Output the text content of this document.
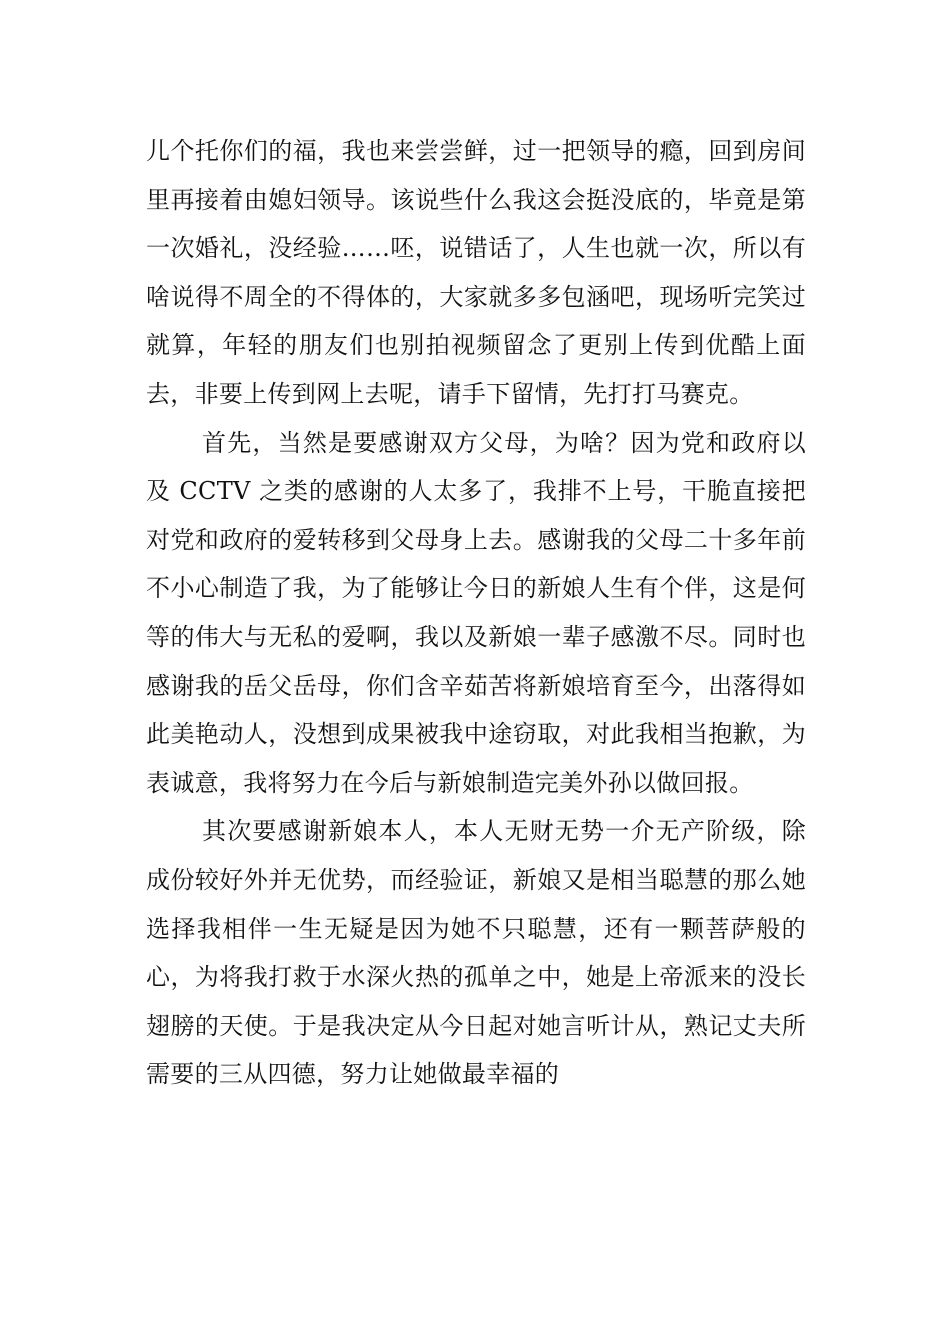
儿个托你们的福，我也来尝尝鲜，过一把领导的瘾，回到房间里再接着由媳妇领导。该说些什么我这会挺没底的，毕竟是第一次婚礼，没经验……呸，说错话了，人生也就一次，所以有啥说得不周全的不得体的，大家就多多包涵吧，现场听完笑过就算，年轻的朋友们也别拍视频留念了更别上传到优酷上面去，非要上传到网上去呢，请手下留情，先打打马赛克。

首先，当然是要感谢双方父母，为啥？因为党和政府以及 CCTV 之类的感谢的人太多了，我排不上号，干脆直接把对党和政府的爱转移到父母身上去。感谢我的父母二十多年前不小心制造了我，为了能够让今日的新娘人生有个伴，这是何等的伟大与无私的爱啊，我以及新娘一辈子感激不尽。同时也感谢我的岳父岳母，你们含辛茹苦将新娘培育至今，出落得如此美艳动人，没想到成果被我中途窃取，对此我相当抱歉，为表诚意，我将努力在今后与新娘制造完美外孙以做回报。

其次要感谢新娘本人，本人无财无势一介无产阶级，除成份较好外并无优势，而经验证，新娘又是相当聪慧的那么她选择我相伴一生无疑是因为她不只聪慧，还有一颗菩萨般的心，为将我打救于水深火热的孤单之中，她是上帝派来的没长翅膀的天使。于是我决定从今日起对她言听计从，熟记丈夫所需要的三从四德，努力让她做最幸福的
